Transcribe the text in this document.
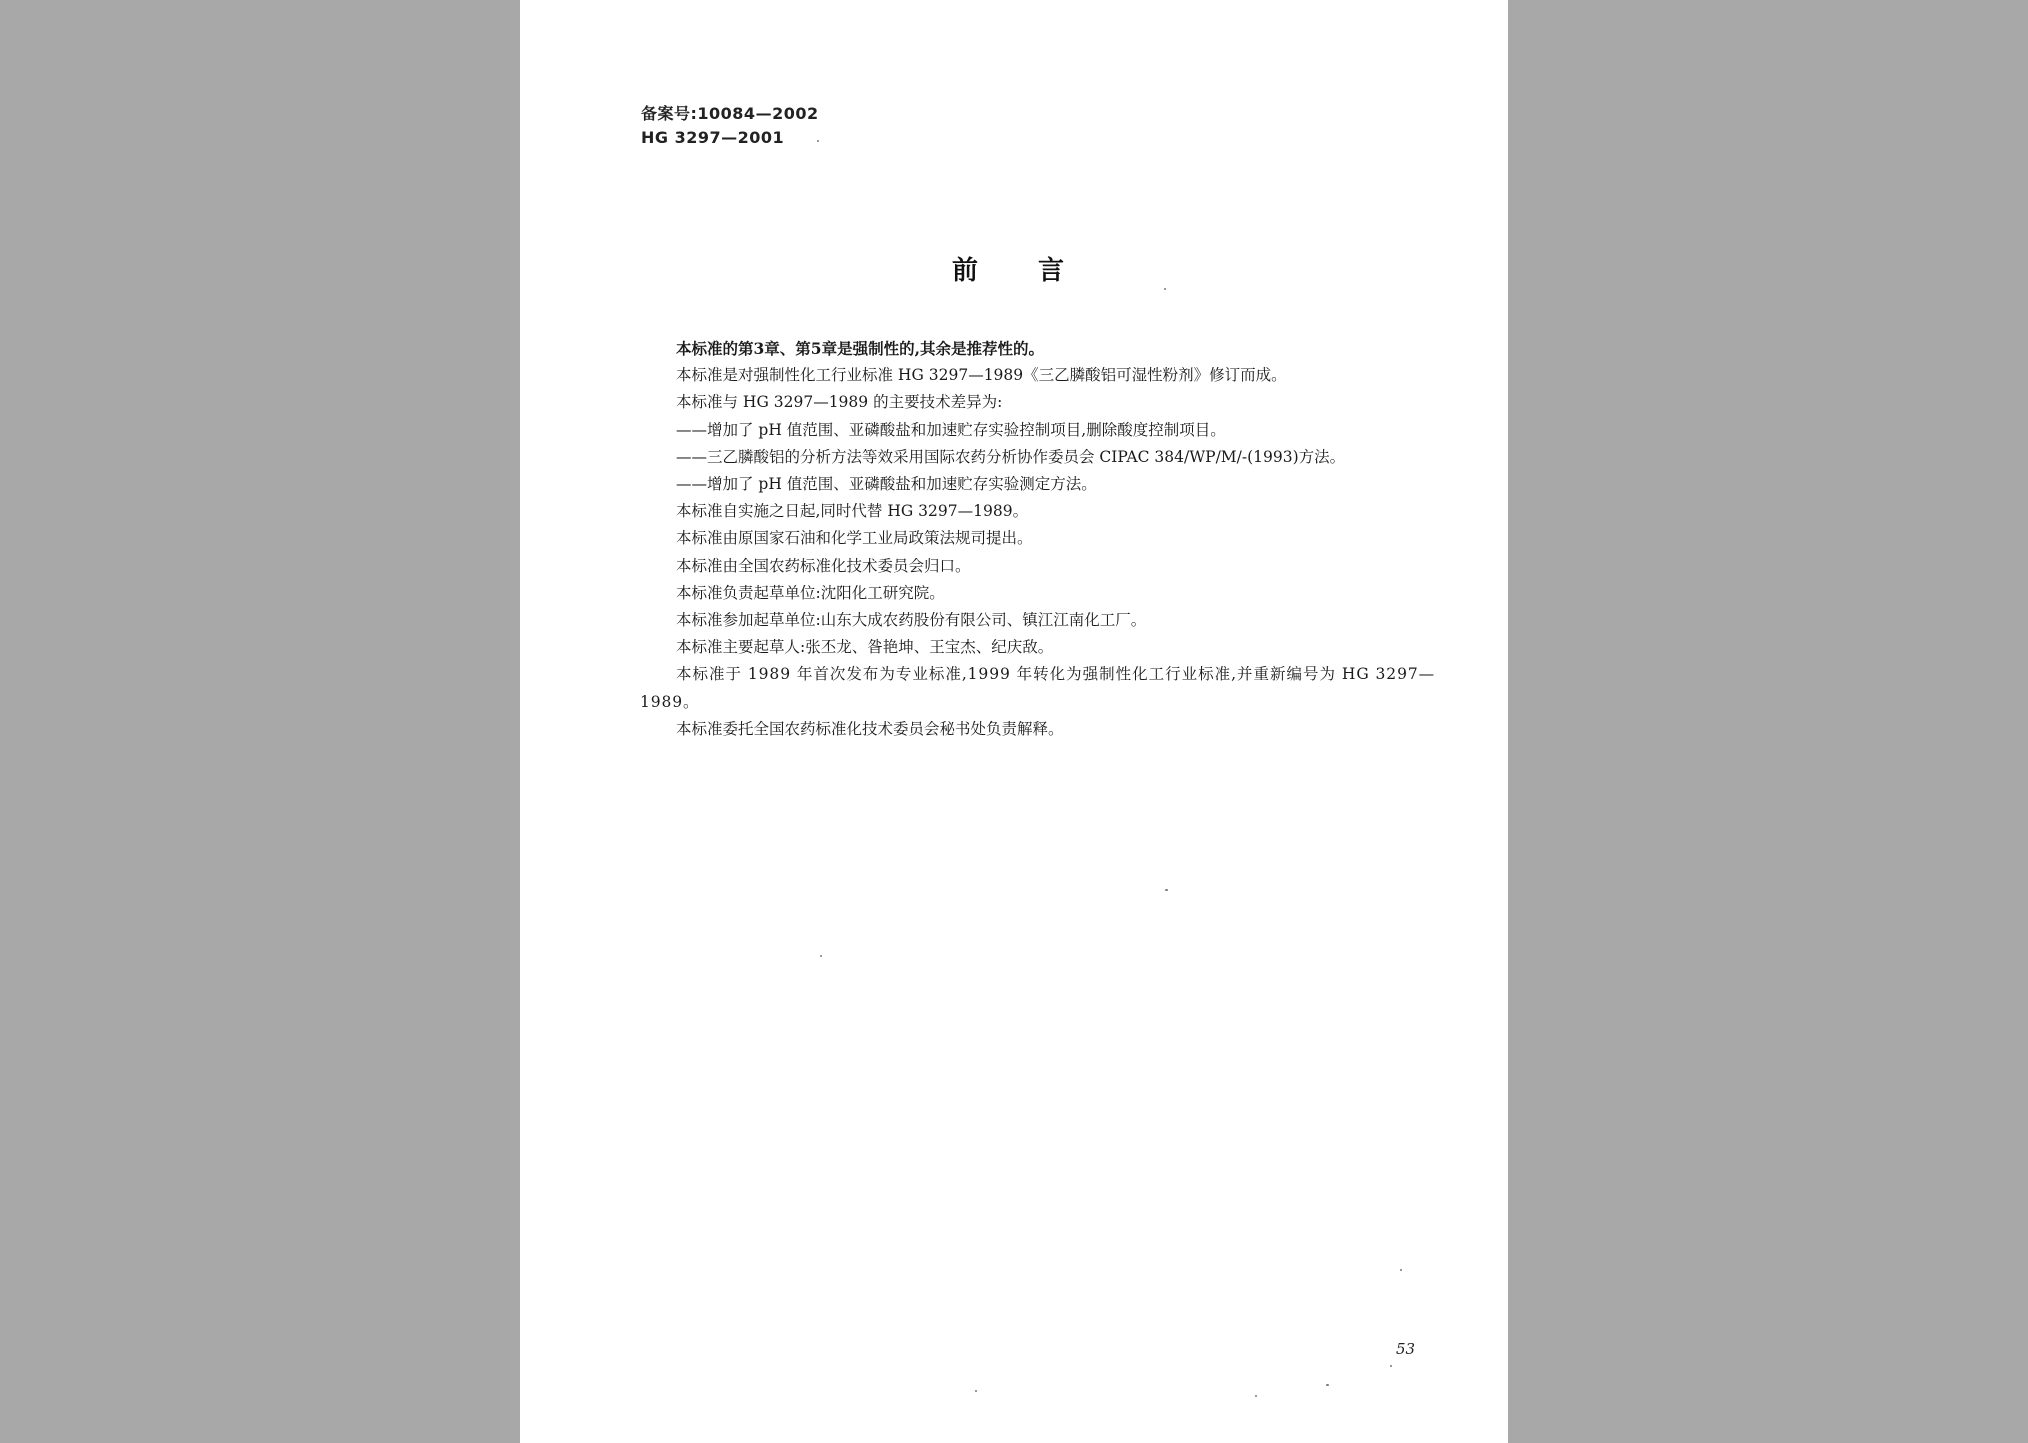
备案号:10084—2002
HG 3297—2001
前言

本标准的第3章、第5章是强制性的,其余是推荐性的。

本标准是对强制性化工行业标准 HG 3297—1989《三乙膦酸铝可湿性粉剂》修订而成。

本标准与 HG 3297—1989 的主要技术差异为:

——增加了 pH 值范围、亚磷酸盐和加速贮存实验控制项目,删除酸度控制项目。

——三乙膦酸铝的分析方法等效采用国际农药分析协作委员会 CIPAC 384/WP/M/-(1993)方法。

——增加了 pH 值范围、亚磷酸盐和加速贮存实验测定方法。

本标准自实施之日起,同时代替 HG 3297—1989。

本标准由原国家石油和化学工业局政策法规司提出。

本标准由全国农药标准化技术委员会归口。

本标准负责起草单位:沈阳化工研究院。

本标准参加起草单位:山东大成农药股份有限公司、镇江江南化工厂。

本标准主要起草人:张丕龙、昝艳坤、王宝杰、纪庆敌。

本标准于 1989 年首次发布为专业标准,1999 年转化为强制性化工行业标准,并重新编号为 HG 3297—1989。

本标准委托全国农药标准化技术委员会秘书处负责解释。

53
